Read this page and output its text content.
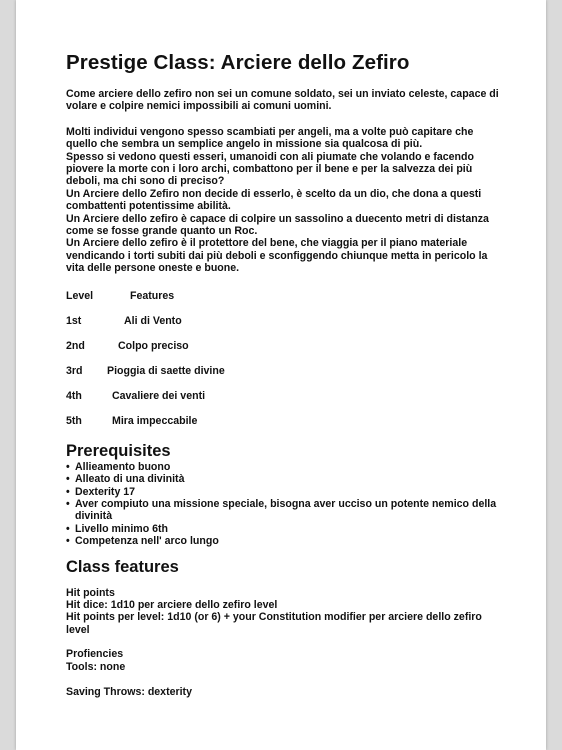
Prestige Class: Arciere dello Zefiro

Come arciere dello zefiro non sei un comune soldato, sei un inviato celeste, capace di volare e colpire nemici impossibili ai comuni uomini.

Molti individui vengono spesso scambiati per angeli, ma a volte può capitare che quello che sembra un semplice angelo in missione sia qualcosa di più.
Spesso si vedono questi esseri, umanoidi con ali piumate che volando e facendo piovere la morte con i loro archi, combattono per il bene e per la salvezza dei più deboli, ma chi sono di preciso?
Un Arciere dello Zefiro non decide di esserlo, è scelto da un dio, che dona a questi combattenti potentissime abilità.
Un Arciere dello zefiro è capace di colpire un sassolino a duecento metri di distanza come se fosse grande quanto un Roc.
Un Arciere dello zefiro è il protettore del bene, che viaggia per il piano materiale vendicando i torti subiti dai più deboli e sconfiggendo chiunque metta in pericolo la vita delle persone oneste e buone.

Level	Features
1st	Ali di Vento
2nd	Colpo preciso
3rd Pioggia di saette divine
4th	Cavaliere dei venti
5th	Mira impeccabile
Prerequisites
• Allieamento buono
• Alleato di una divinità
• Dexterity 17
• Aver compiuto una missione speciale, bisogna aver ucciso un potente nemico della divinità
• Livello minimo 6th
• Competenza nell' arco lungo
Class features
Hit points
Hit dice: 1d10 per arciere dello zefiro level
Hit points per level: 1d10 (or 6) + your Constitution modifier per arciere dello zefiro level
Profiencies
Tools: none
Saving Throws: dexterity
